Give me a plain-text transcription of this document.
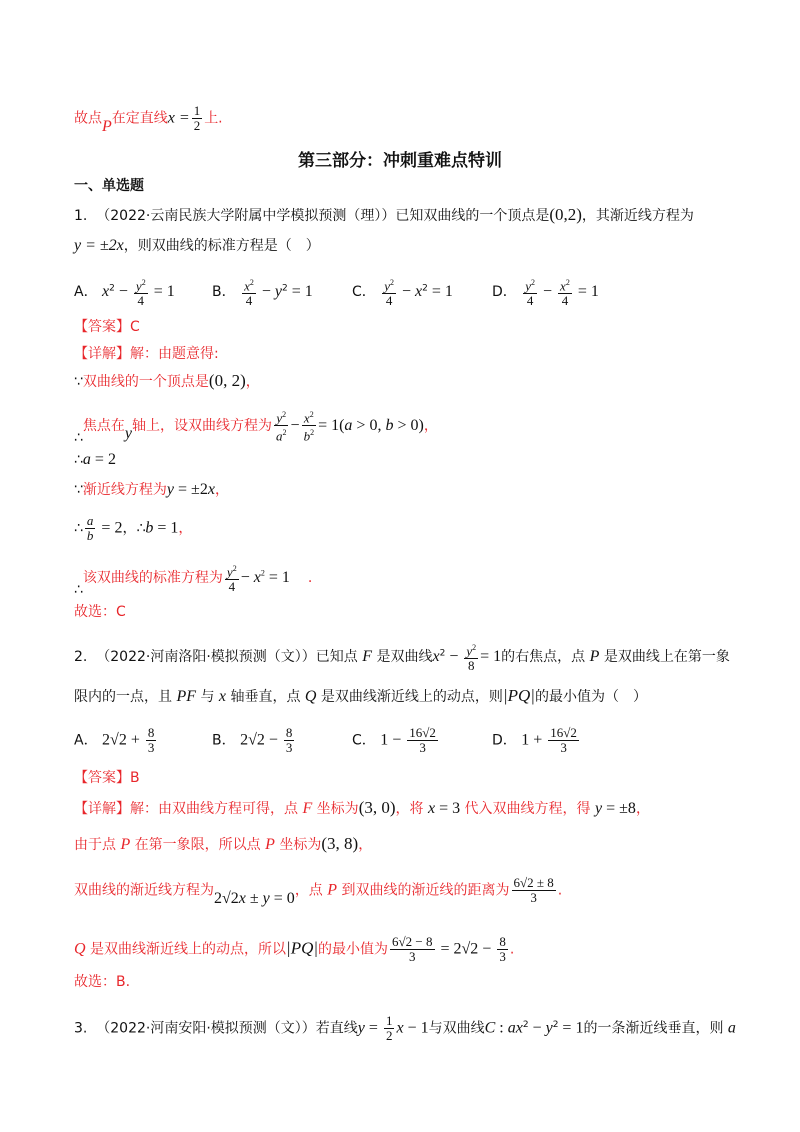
故点P在定直线$x = \frac{1}{2}$ 上.
第三部分：冲刺重难点特训
一、单选题
1. （2022·云南民族大学附属中学模拟预测（理））已知双曲线的一个顶点是(0,2)，其渐近线方程为
y = ±2x，则双曲线的标准方程是（　）
A． $x^2 - \frac{y^2}{4} = 1$	B． $\frac{x^2}{4} - y^2 = 1$	C． $\frac{y^2}{4} - x^2 = 1$	D． $\frac{y^2}{4} - \frac{x^2}{4} = 1$
【答案】C
【详解】解：由题意得:
∵双曲线的一个顶点是(0, 2)，
∴焦点在y轴上，设双曲线方程为 $\frac{y^2}{a^2} - \frac{x^2}{b^2} = 1(a > 0$, b > 0)，
∴a = 2
∵渐近线方程为y = ±2x，
∴ $\frac{a}{b} = 2$，∴b = 1，
∴该双曲线的标准方程为 $\frac{y^2}{4} - x^2 = 1$ .
故选：C
2. （2022·河南洛阳·模拟预测（文））已知点 F 是双曲线$x^2 - \frac{y^2}{8} = 1$的右焦点，点 P 是双曲线上在第一象
限内的一点，且 PF 与 x 轴垂直，点 Q 是双曲线渐近线上的动点，则|PQ|的最小值为（　）
A． $2√2 + \frac{8}{3}$	B． $2√2 - \frac{8}{3}$	C． $1 - \frac{16√2}{3}$	D． $1 + \frac{16√2}{3}$
【答案】B
【详解】解：由双曲线方程可得，点 F 坐标为(3, 0)，将 x = 3 代入双曲线方程，得 y = ±8，
由于点 P 在第一象限，所以点 P 坐标为(3, 8)，
双曲线的渐近线方程为2√2x ± y = 0，点 P 到双曲线的渐近线的距离为 $\frac{6√2 \pm 8}{3}$ .
Q 是双曲线渐近线上的动点，所以|PQ|的最小值为 $\frac{6√2 - 8}{3} = 2√2 - \frac{8}{3}$ .
故选：B.
3. （2022·河南安阳·模拟预测（文））若直线$y = \frac{1}{2}$ x − 1与双曲线C : $ax^2 - y^2 = 1$的一条渐近线垂直，则 a
